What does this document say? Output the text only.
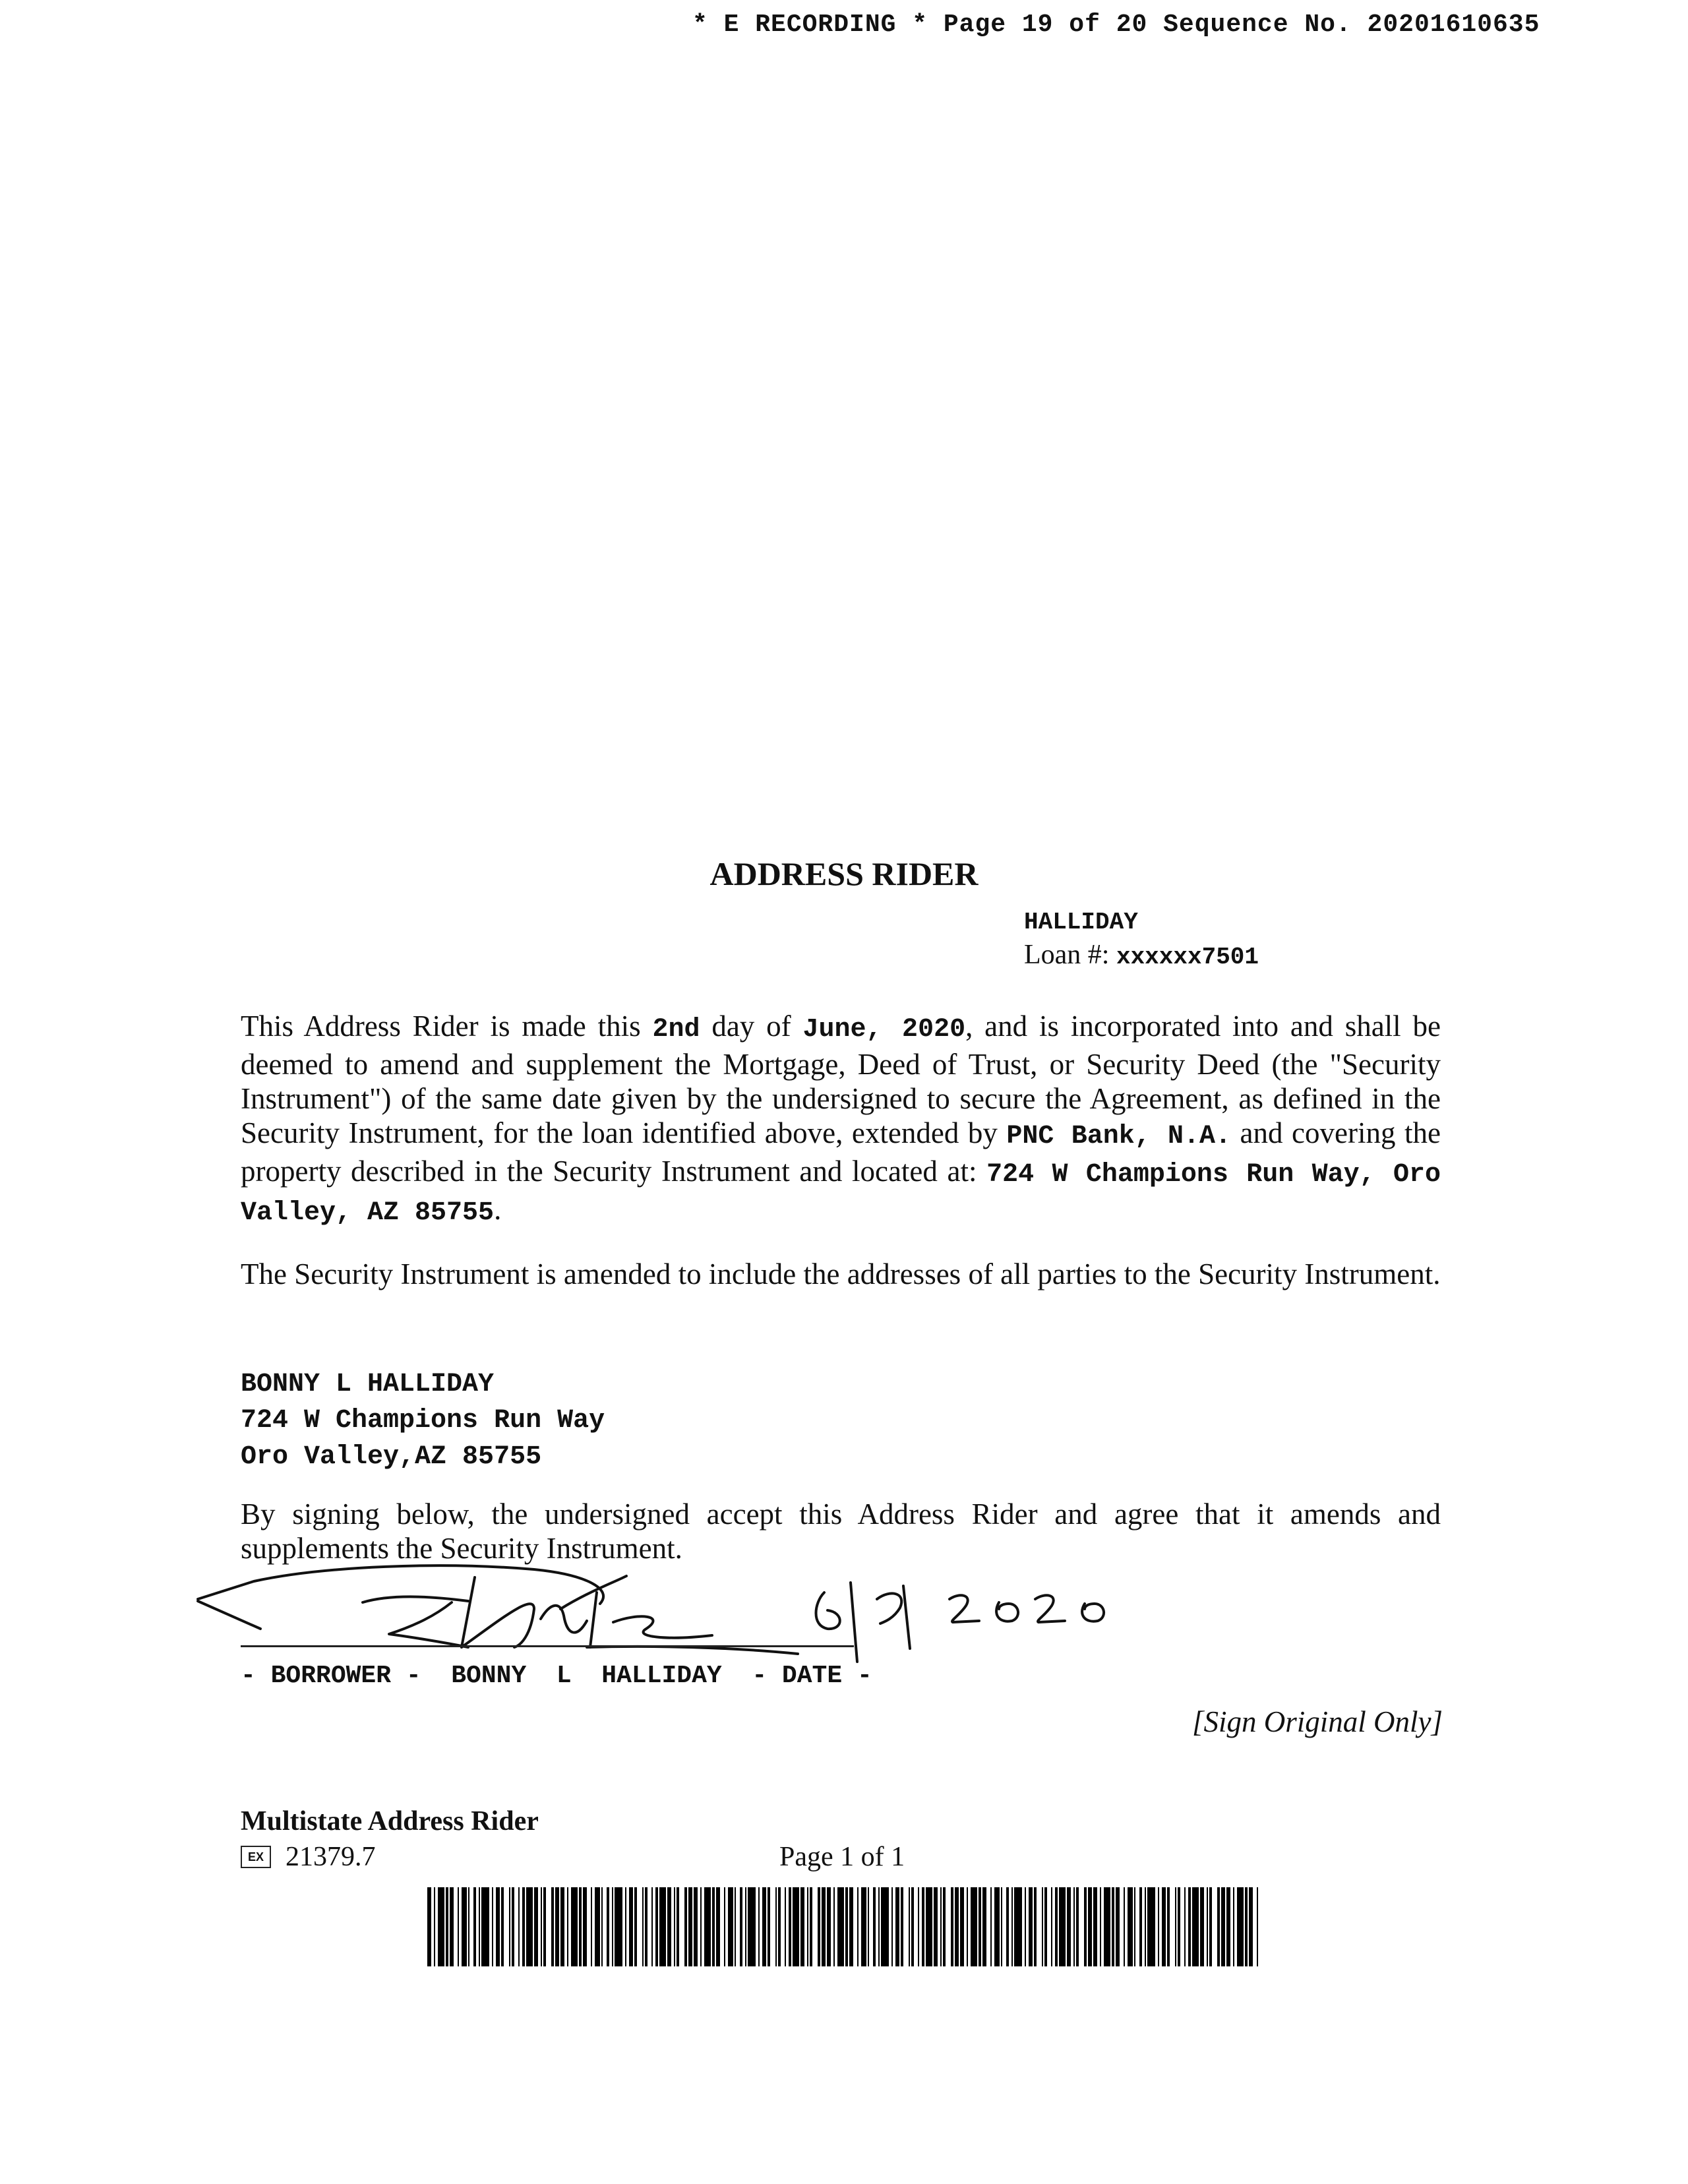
* E RECORDING * Page 19 of 20 Sequence No. 20201610635
ADDRESS RIDER
HALLIDAY
Loan #: xxxxxx7501
This Address Rider is made this 2nd day of June, 2020, and is incorporated into and shall be deemed to amend and supplement the Mortgage, Deed of Trust, or Security Deed (the "Security Instrument") of the same date given by the undersigned to secure the Agreement, as defined in the Security Instrument, for the loan identified above, extended by PNC Bank, N.A. and covering the property described in the Security Instrument and located at: 724 W Champions Run Way, Oro Valley, AZ 85755.
The Security Instrument is amended to include the addresses of all parties to the Security Instrument.
BONNY L HALLIDAY
724 W Champions Run Way
Oro Valley,AZ 85755
By signing below, the undersigned accept this Address Rider and agree that it amends and supplements the Security Instrument.
- BORROWER -  BONNY  L  HALLIDAY  - DATE -
[Sign Original Only]
Multistate Address Rider
EX 21379.7	Page 1 of 1
